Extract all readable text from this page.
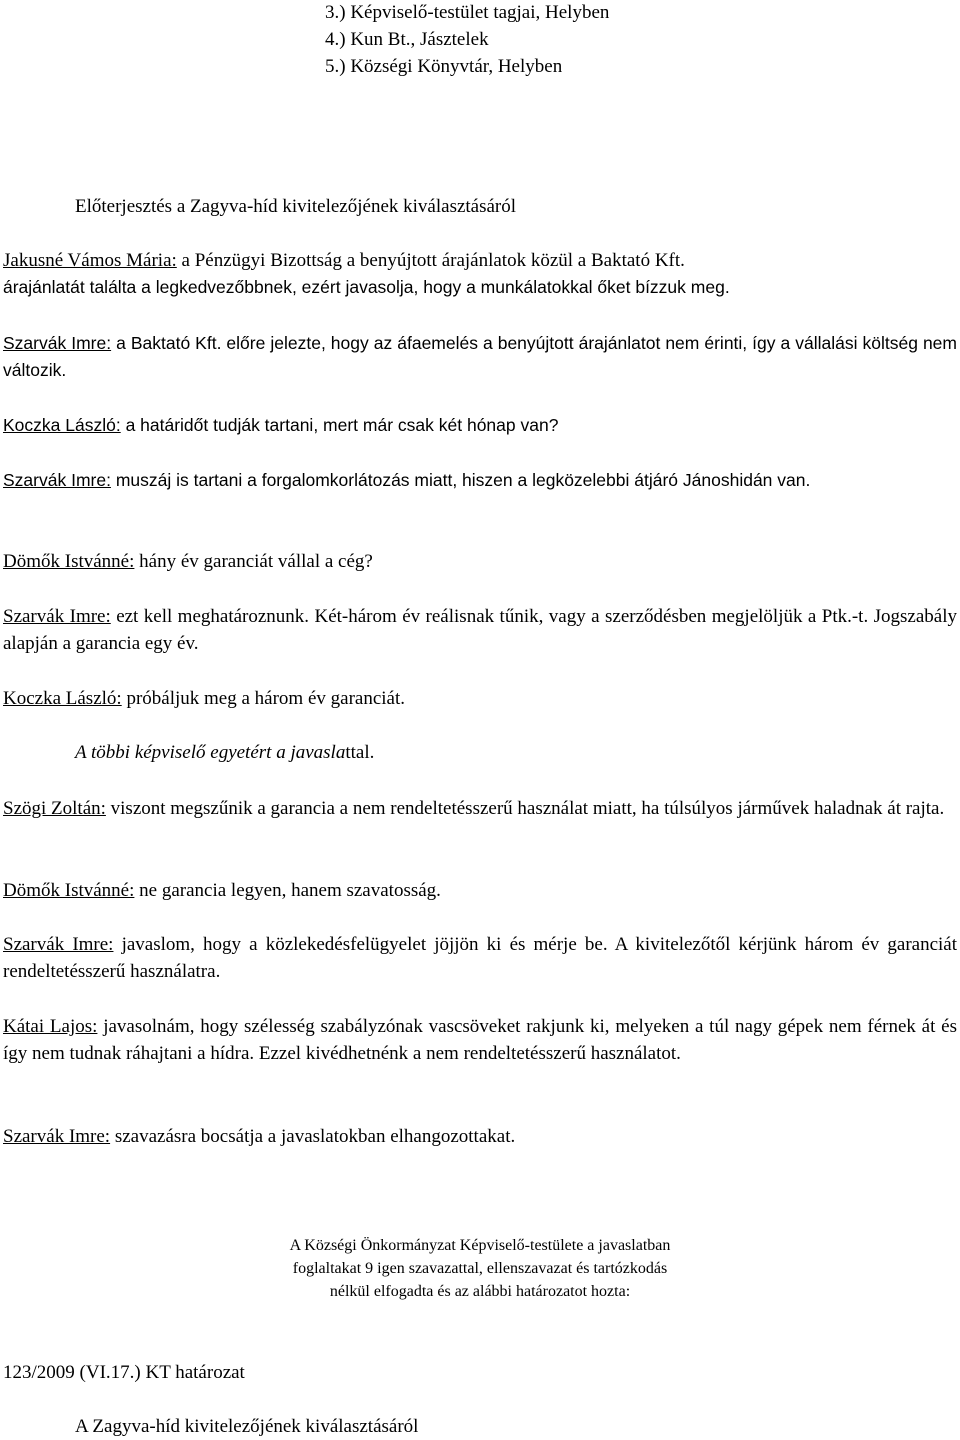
3.) Képviselő-testület tagjai, Helyben
4.) Kun Bt., Jásztelek
5.) Községi Könyvtár, Helyben
Előterjesztés a Zagyva-híd kivitelezőjének kiválasztásáról
Jakusné Vámos Mária: a Pénzügyi Bizottság a benyújtott árajánlatok közül a Baktató Kft.
árajánlatát találta a legkedvezőbbnek, ezért javasolja, hogy a munkálatokkal őket bízzuk meg.
Szarvák Imre: a Baktató Kft. előre jelezte, hogy az áfaemelés a benyújtott árajánlatot nem érinti, így a vállalási költség nem változik.
Koczka László: a határidőt tudják tartani, mert már csak két hónap van?
Szarvák Imre: muszáj is tartani a forgalomkorlátozás miatt, hiszen a legközelebbi átjáró Jánoshidán van.
Dömők Istvánné: hány év garanciát vállal a cég?
Szarvák Imre: ezt kell meghatároznunk. Két-három év reálisnak tűnik, vagy a szerződésben megjelöljük a Ptk.-t. Jogszabály alapján a garancia egy év.
Koczka László: próbáljuk meg a három év garanciát.
A többi képviselő egyetért a javaslattal.
Szögi Zoltán: viszont megszűnik a garancia a nem rendeltetésszerű használat miatt, ha túlsúlyos járművek haladnak át rajta.
Dömők Istvánné: ne garancia legyen, hanem szavatosság.
Szarvák Imre: javaslom, hogy a közlekedésfelügyelet jöjjön ki és mérje be. A kivitelezőtől kérjünk három év garanciát rendeltetésszerű használatra.
Kátai Lajos: javasolnám, hogy szélesség szabályzónak vascsöveket rakjunk ki, melyeken a túl nagy gépek nem férnek át és így nem tudnak ráhajtani a hídra. Ezzel kivédhetnénk a nem rendeltetésszerű használatot.
Szarvák Imre: szavazásra bocsátja a javaslatokban elhangozottakat.
A Községi Önkormányzat Képviselő-testülete a javaslatban
foglaltakat 9 igen szavazattal, ellenszavazat és tartózkodás
nélkül elfogadta és az alábbi határozatot hozta:
123/2009 (VI.17.) KT határozat
A Zagyva-híd kivitelezőjének kiválasztásáról
